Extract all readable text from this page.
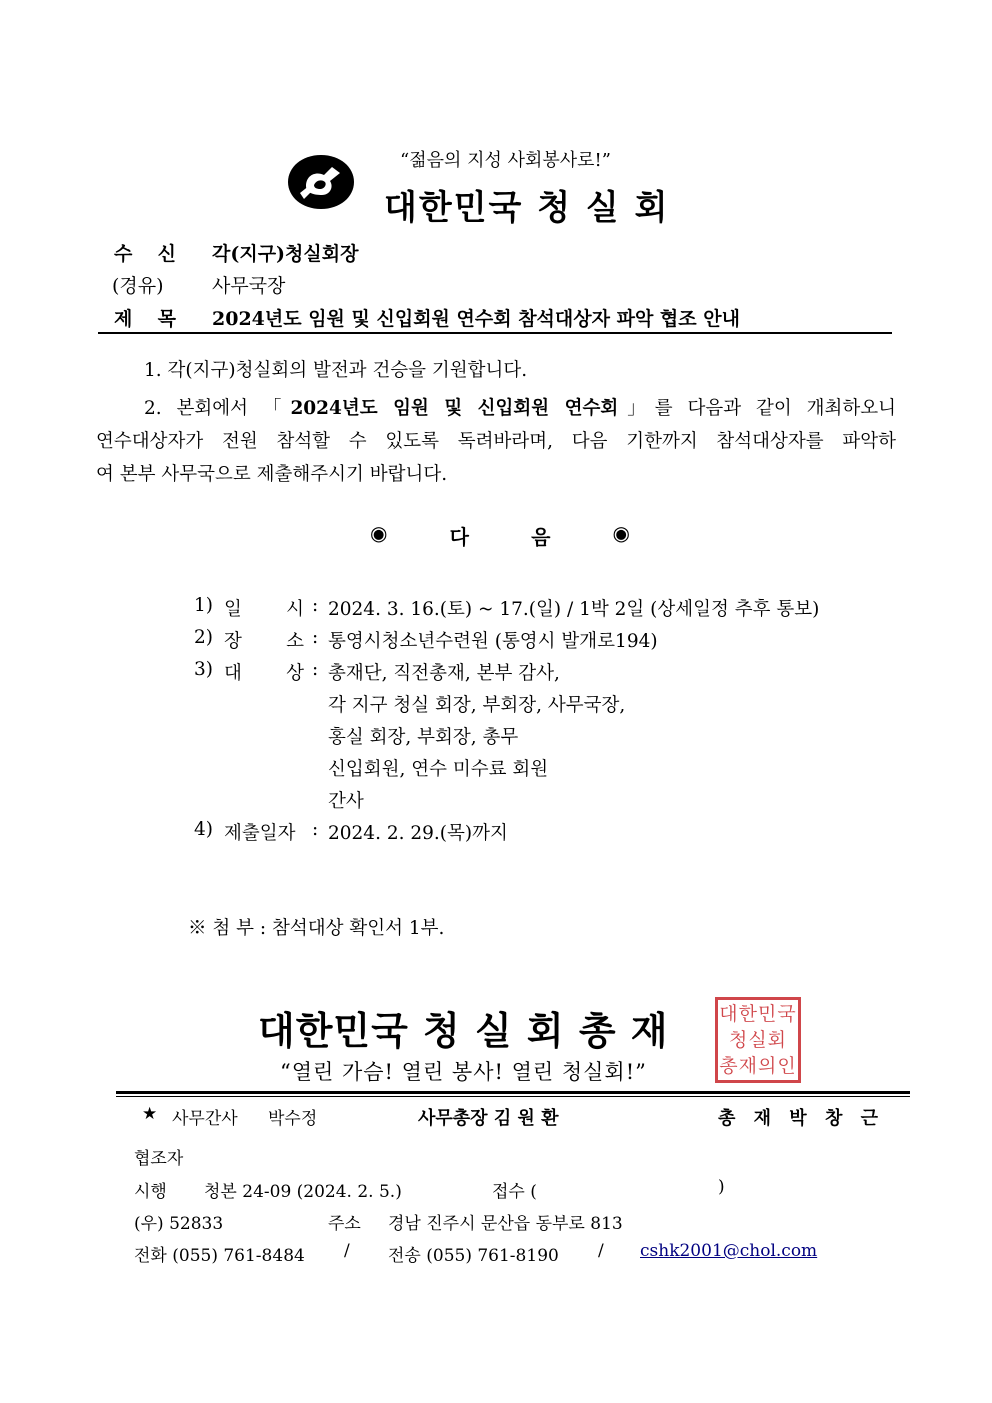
“젊음의 지성 사회봉사로!”
대한민국 청 실 회
수 신 각(지구)청실회장
(경유)	사무국장
제 목 2024년도 임원 및 신입회원 연수회 참석대상자 파악 협조 안내
1. 각(지구)청실회의 발전과 건승을 기원합니다.
2. 본회에서 「2024년도 임원 및 신입회원 연수회」를 다음과 같이 개최하오니
연수대상자가 전원 참석할 수 있도록 독려바라며, 다음 기한까지 참석대상자를 파악하
여 본부 사무국으로 제출해주시기 바랍니다.
◉	다	음	◉
1) 일 시 : 2024. 3. 16.(토) ~ 17.(일) / 1박 2일 (상세일정 추후 통보)
2) 장 소 : 통영시청소년수련원 (통영시 발개로194)
3) 대 상 : 총재단, 직전총재, 본부 감사,
각 지구 청실 회장, 부회장, 사무국장,
홍실 회장, 부회장, 총무
신입회원, 연수 미수료 회원
간사
4) 제출일자 : 2024. 2. 29.(목)까지
※ 첨 부 : 참석대상 확인서 1부.
대한민국 청 실 회 총 재	대한민국
청실회
총재의인
“열린 가슴! 열린 봉사! 열린 청실회!”
★ 사무간사 박수정	사무총장 김 원 환	총 재 박 창 근
협조자
시행 청본 24-09 (2024. 2. 5.)	접수 (	)
(우) 52833	주소 경남 진주시 문산읍 동부로 813
전화 (055) 761-8484 / 전송 (055) 761-8190 / cshk2001@chol.com
